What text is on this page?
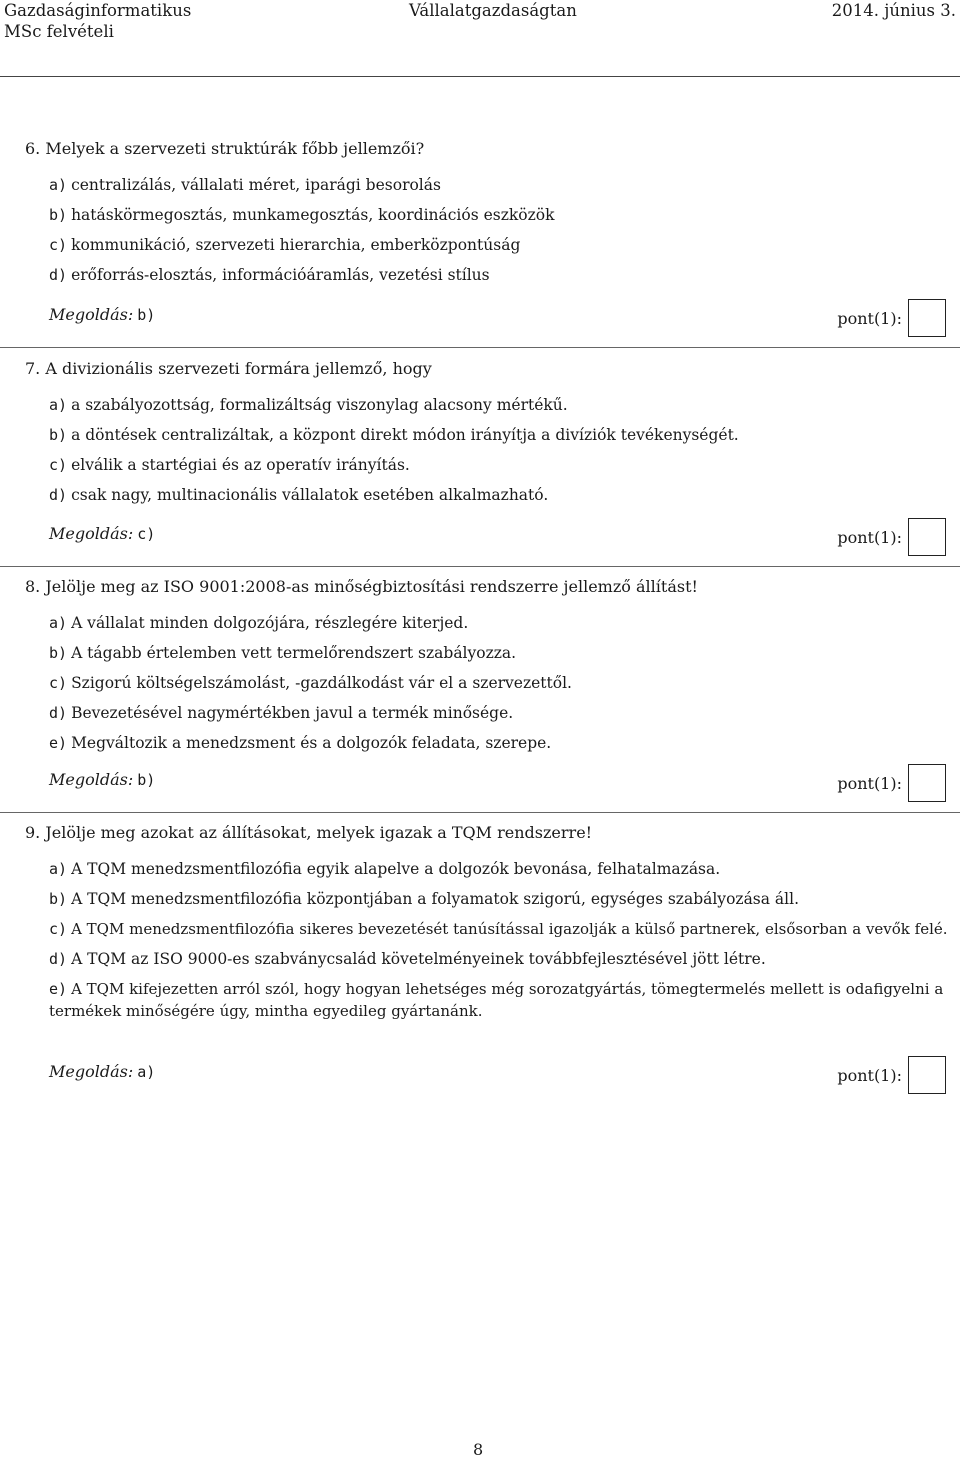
Gazdaságinformatikus	Vállalatgazdaságtan	2014. június 3.
MSc felvételi
6. Melyek a szervezeti struktúrák főbb jellemzői?
a) centralizálás, vállalati méret, iparági besorolás
b) hatáskörmegosztás, munkamegosztás, koordinációs eszközök
c) kommunikáció, szervezeti hierarchia, emberközpontúság
d) erőforrás-elosztás, információáramlás, vezetési stílus
Megoldás: b)	pont(1):
7. A divizionális szervezeti formára jellemző, hogy
a) a szabályozottság, formalizáltság viszonylag alacsony mértékű.
b) a döntések centralizáltak, a központ direkt módon irányítja a divíziók tevékenységét.
c) elválik a startégiai és az operatív irányítás.
d) csak nagy, multinacionális vállalatok esetében alkalmazható.
Megoldás: c)	pont(1):
8. Jelölje meg az ISO 9001:2008-as minőségbiztosítási rendszerre jellemző állítást!
a) A vállalat minden dolgozójára, részlegére kiterjed.
b) A tágabb értelemben vett termelőrendszert szabályozza.
c) Szigorú költségelszámolást, -gazdálkodást vár el a szervezettől.
d) Bevezetésével nagymértékben javul a termék minősége.
e) Megváltozik a menedzsment és a dolgozók feladata, szerepe.
Megoldás: b)	pont(1):
9. Jelölje meg azokat az állításokat, melyek igazak a TQM rendszerre!
a) A TQM menedzsmentfilozófia egyik alapelve a dolgozók bevonása, felhatalmazása.
b) A TQM menedzsmentfilozófia központjában a folyamatok szigorú, egységes szabályozása áll.
c) A TQM menedzsmentfilozófia sikeres bevezetését tanúsítással igazolják a külső partnerek, elsősorban a vevők felé.
d) A TQM az ISO 9000-es szabványcsalád követelményeinek továbbfejlesztésével jött létre.
e) A TQM kifejezetten arról szól, hogy hogyan lehetséges még sorozatgyártás, tömegtermelés mellett is odafigyelni a termékek minőségére úgy, mintha egyedileg gyártanánk.
Megoldás: a)	pont(1):
8
